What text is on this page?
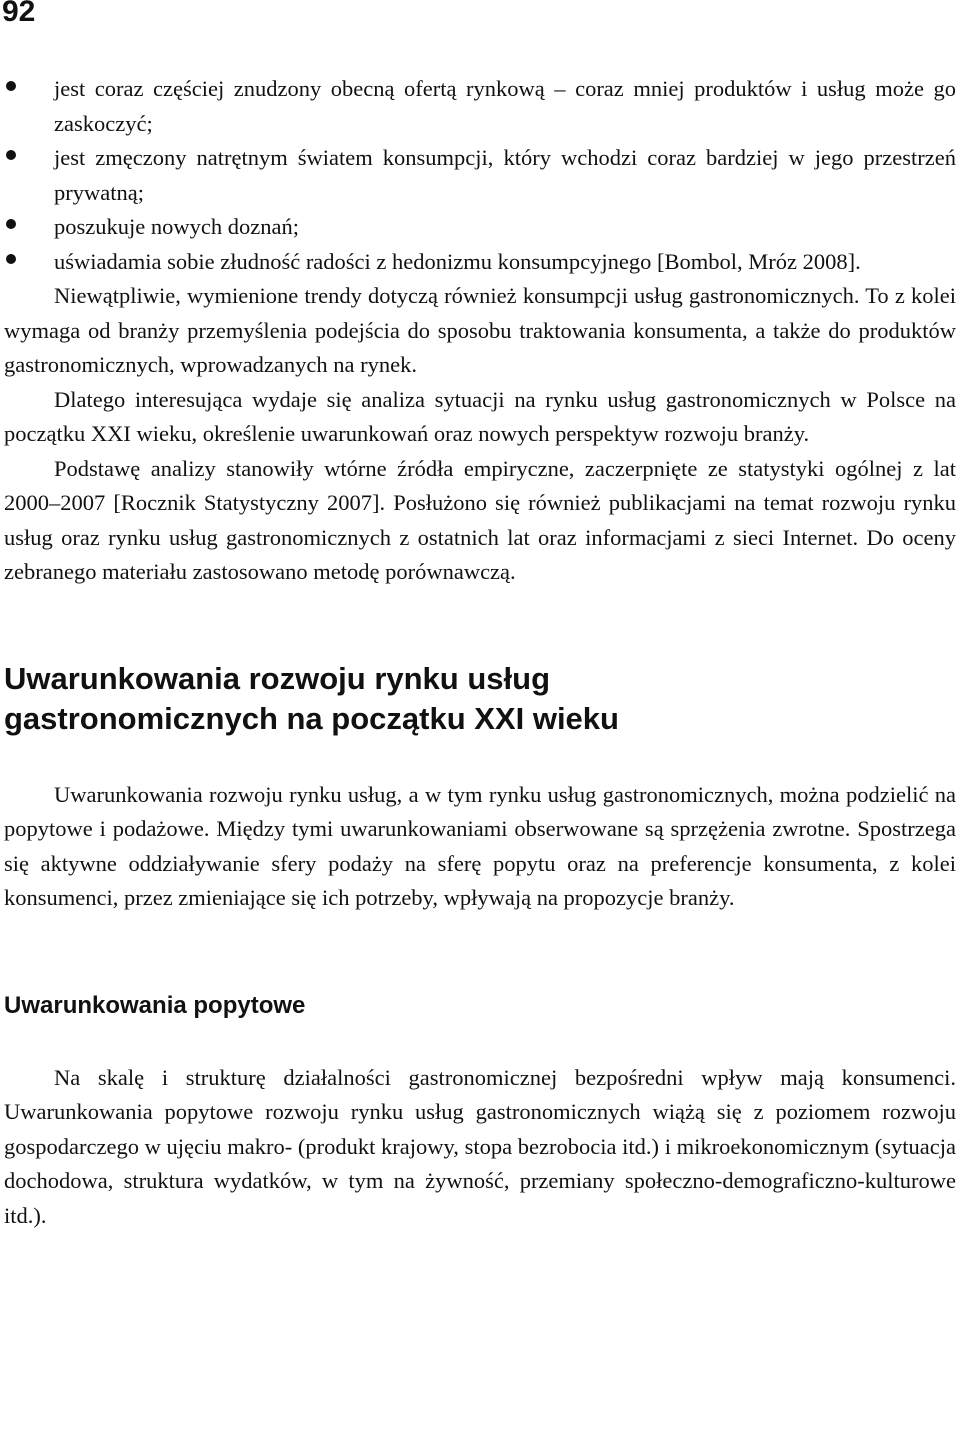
92
jest coraz częściej znudzony obecną ofertą rynkową – coraz mniej produktów i usług może go zaskoczyć;
jest zmęczony natrętnym światem konsumpcji, który wchodzi coraz bardziej w jego przestrzeń prywatną;
poszukuje nowych doznań;
uświadamia sobie złudność radości z hedonizmu konsumpcyjnego [Bombol, Mróz 2008].

Niewątpliwie, wymienione trendy dotyczą również konsumpcji usług gastronomicznych. To z kolei wymaga od branży przemyślenia podejścia do sposobu traktowania konsumenta, a także do produktów gastronomicznych, wprowadzanych na rynek.

Dlatego interesująca wydaje się analiza sytuacji na rynku usług gastronomicznych w Polsce na początku XXI wieku, określenie uwarunkowań oraz nowych perspektyw rozwoju branży.

Podstawę analizy stanowiły wtórne źródła empiryczne, zaczerpnięte ze statystyki ogólnej z lat 2000–2007 [Rocznik Statystyczny 2007]. Posłużono się również publikacjami na temat rozwoju rynku usług oraz rynku usług gastronomicznych z ostatnich lat oraz informacjami z sieci Internet. Do oceny zebranego materiału zastosowano metodę porównawczą.

Uwarunkowania rozwoju rynku usług
gastronomicznych na początku XXI wieku

Uwarunkowania rozwoju rynku usług, a w tym rynku usług gastronomicznych, można podzielić na popytowe i podażowe. Między tymi uwarunkowaniami obserwowane są sprzężenia zwrotne. Spostrzega się aktywne oddziaływanie sfery podaży na sferę popytu oraz na preferencje konsumenta, z kolei konsumenci, przez zmieniające się ich potrzeby, wpływają na propozycje branży.

Uwarunkowania popytowe

Na skalę i strukturę działalności gastronomicznej bezpośredni wpływ mają konsumenci. Uwarunkowania popytowe rozwoju rynku usług gastronomicznych wiążą się z poziomem rozwoju gospodarczego w ujęciu makro- (produkt krajowy, stopa bezrobocia itd.) i mikroekonomicznym (sytuacja dochodowa, struktura wydatków, w tym na żywność, przemiany społeczno-demograficzno-kulturowe itd.).
